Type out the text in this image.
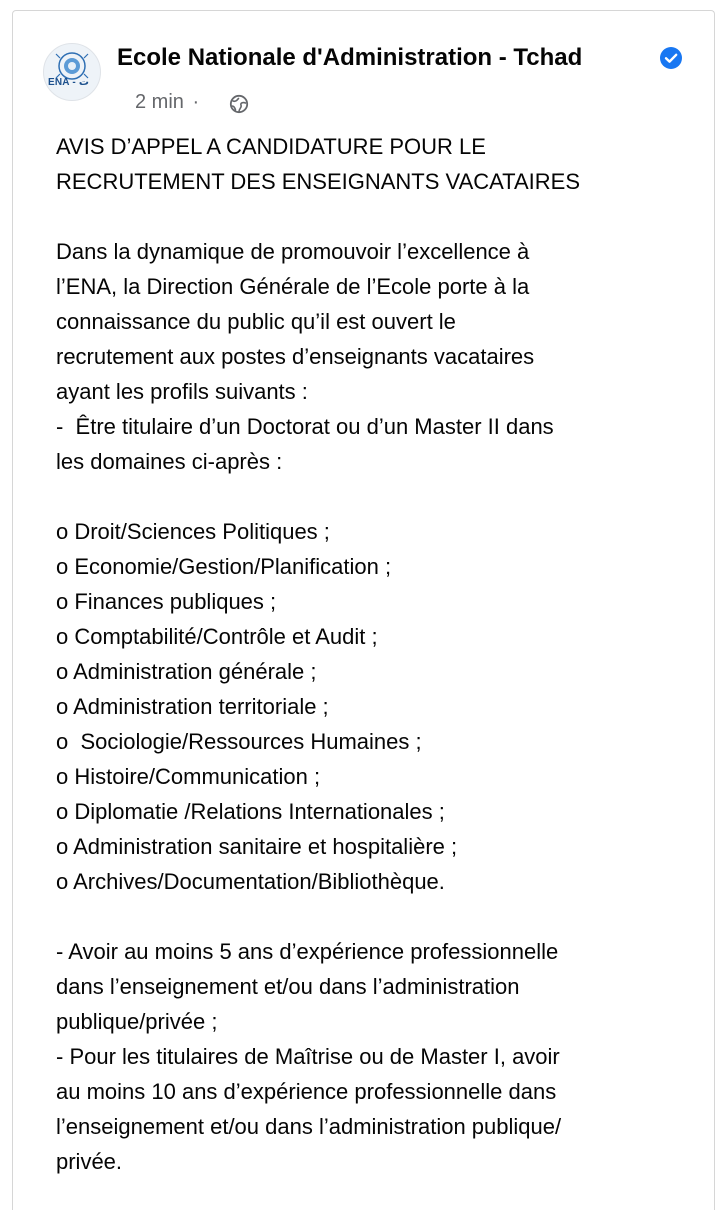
ENA - ت
Ecole Nationale d'Administration - Tchad
2 min ·
AVIS D’APPEL A CANDIDATURE POUR LE
RECRUTEMENT DES ENSEIGNANTS VACATAIRES
Dans la dynamique de promouvoir l’excellence à
l’ENA, la Direction Générale de l’Ecole porte à la
connaissance du public qu’il est ouvert le
recrutement aux postes d’enseignants vacataires
ayant les profils suivants :
-  Être titulaire d’un Doctorat ou d’un Master II dans
les domaines ci-après :
o Droit/Sciences Politiques ;
o Economie/Gestion/Planification ;
o Finances publiques ;
o Comptabilité/Contrôle et Audit ;
o Administration générale ;
o Administration territoriale ;
o  Sociologie/Ressources Humaines ;
o Histoire/Communication ;
o Diplomatie /Relations Internationales ;
o Administration sanitaire et hospitalière ;
o Archives/Documentation/Bibliothèque.
- Avoir au moins 5 ans d’expérience professionnelle
dans l’enseignement et/ou dans l’administration
publique/privée ;
- Pour les titulaires de Maîtrise ou de Master I, avoir
au moins 10 ans d’expérience professionnelle dans
l’enseignement et/ou dans l’administration publique/
privée.
